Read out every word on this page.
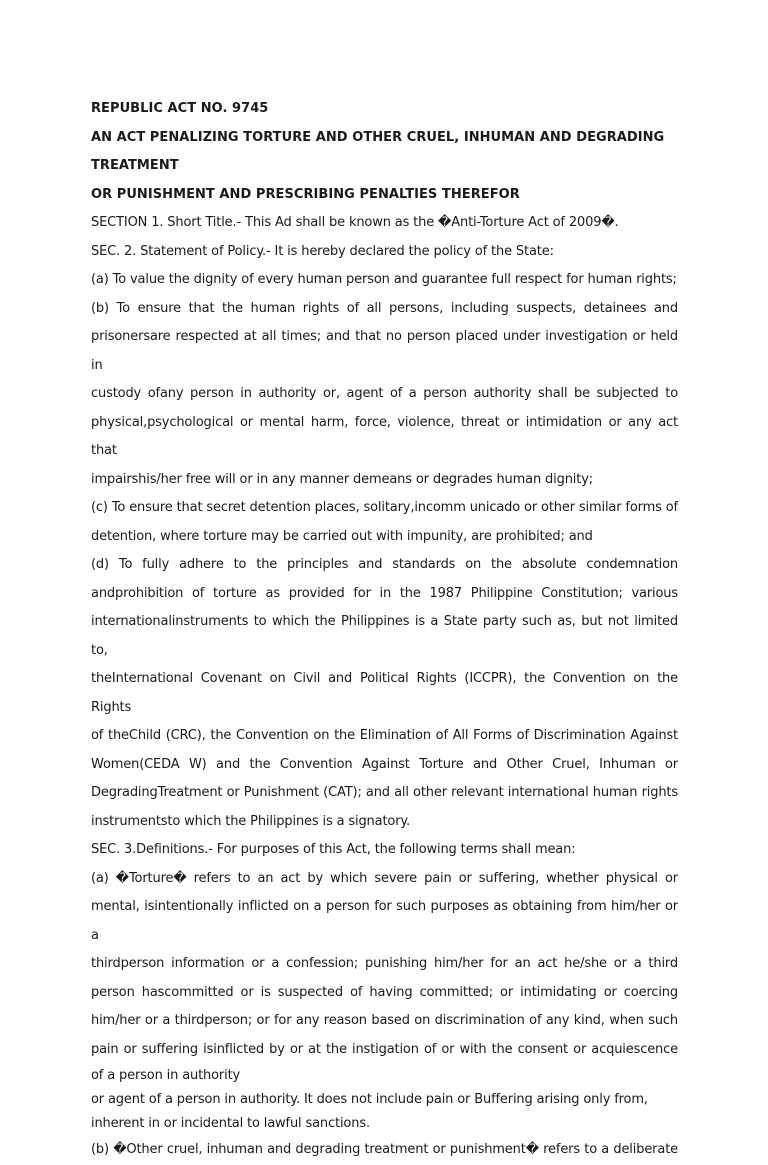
REPUBLIC ACT NO. 9745
AN ACT PENALIZING TORTURE AND OTHER CRUEL, INHUMAN AND DEGRADING
TREATMENT
OR PUNISHMENT AND PRESCRIBING PENALTIES THEREFOR
SECTION 1. Short Title.- This Ad shall be known as the �Anti-Torture Act of 2009�.
SEC. 2. Statement of Policy.- It is hereby declared the policy of the State:
(a) To value the dignity of every human person and guarantee full respect for human rights;
(b) To ensure that the human rights of all persons, including suspects, detainees and
prisonersare respected at all times; and that no person placed under investigation or held in
custody ofany person in authority or, agent of a person authority shall be subjected to
physical,psychological or mental harm, force, violence, threat or intimidation or any act that
impairshis/her free will or in any manner demeans or degrades human dignity;
(c) To ensure that secret detention places, solitary,incomm unicado or other similar forms of
detention, where torture may be carried out with impunity, are prohibited; and
(d) To fully adhere to the principles and standards on the absolute condemnation
andprohibition of torture as provided for in the 1987 Philippine Constitution; various
internationalinstruments to which the Philippines is a State party such as, but not limited to,
theInternational Covenant on Civil and Political Rights (ICCPR), the Convention on the Rights
of theChild (CRC), the Convention on the Elimination of All Forms of Discrimination Against
Women(CEDA W) and the Convention Against Torture and Other Cruel, Inhuman or
DegradingTreatment or Punishment (CAT); and all other relevant international human rights
instrumentsto which the Philippines is a signatory.
SEC. 3.Definitions.- For purposes of this Act, the following terms shall mean:
(a) �Torture� refers to an act by which severe pain or suffering, whether physical or
mental, isintentionally inflicted on a person for such purposes as obtaining from him/her or a
thirdperson information or a confession; punishing him/her for an act he/she or a third
person hascommitted or is suspected of having committed; or intimidating or coercing
him/her or a thirdperson; or for any reason based on discrimination of any kind, when such
pain or suffering isinflicted by or at the instigation of or with the consent or acquiescence
of a person in authority
or agent of a person in authority. It does not include pain or Buffering arising only from,
inherent in or incidental to lawful sanctions.
(b) �Other cruel, inhuman and degrading treatment or punishment� refers to a deliberate
